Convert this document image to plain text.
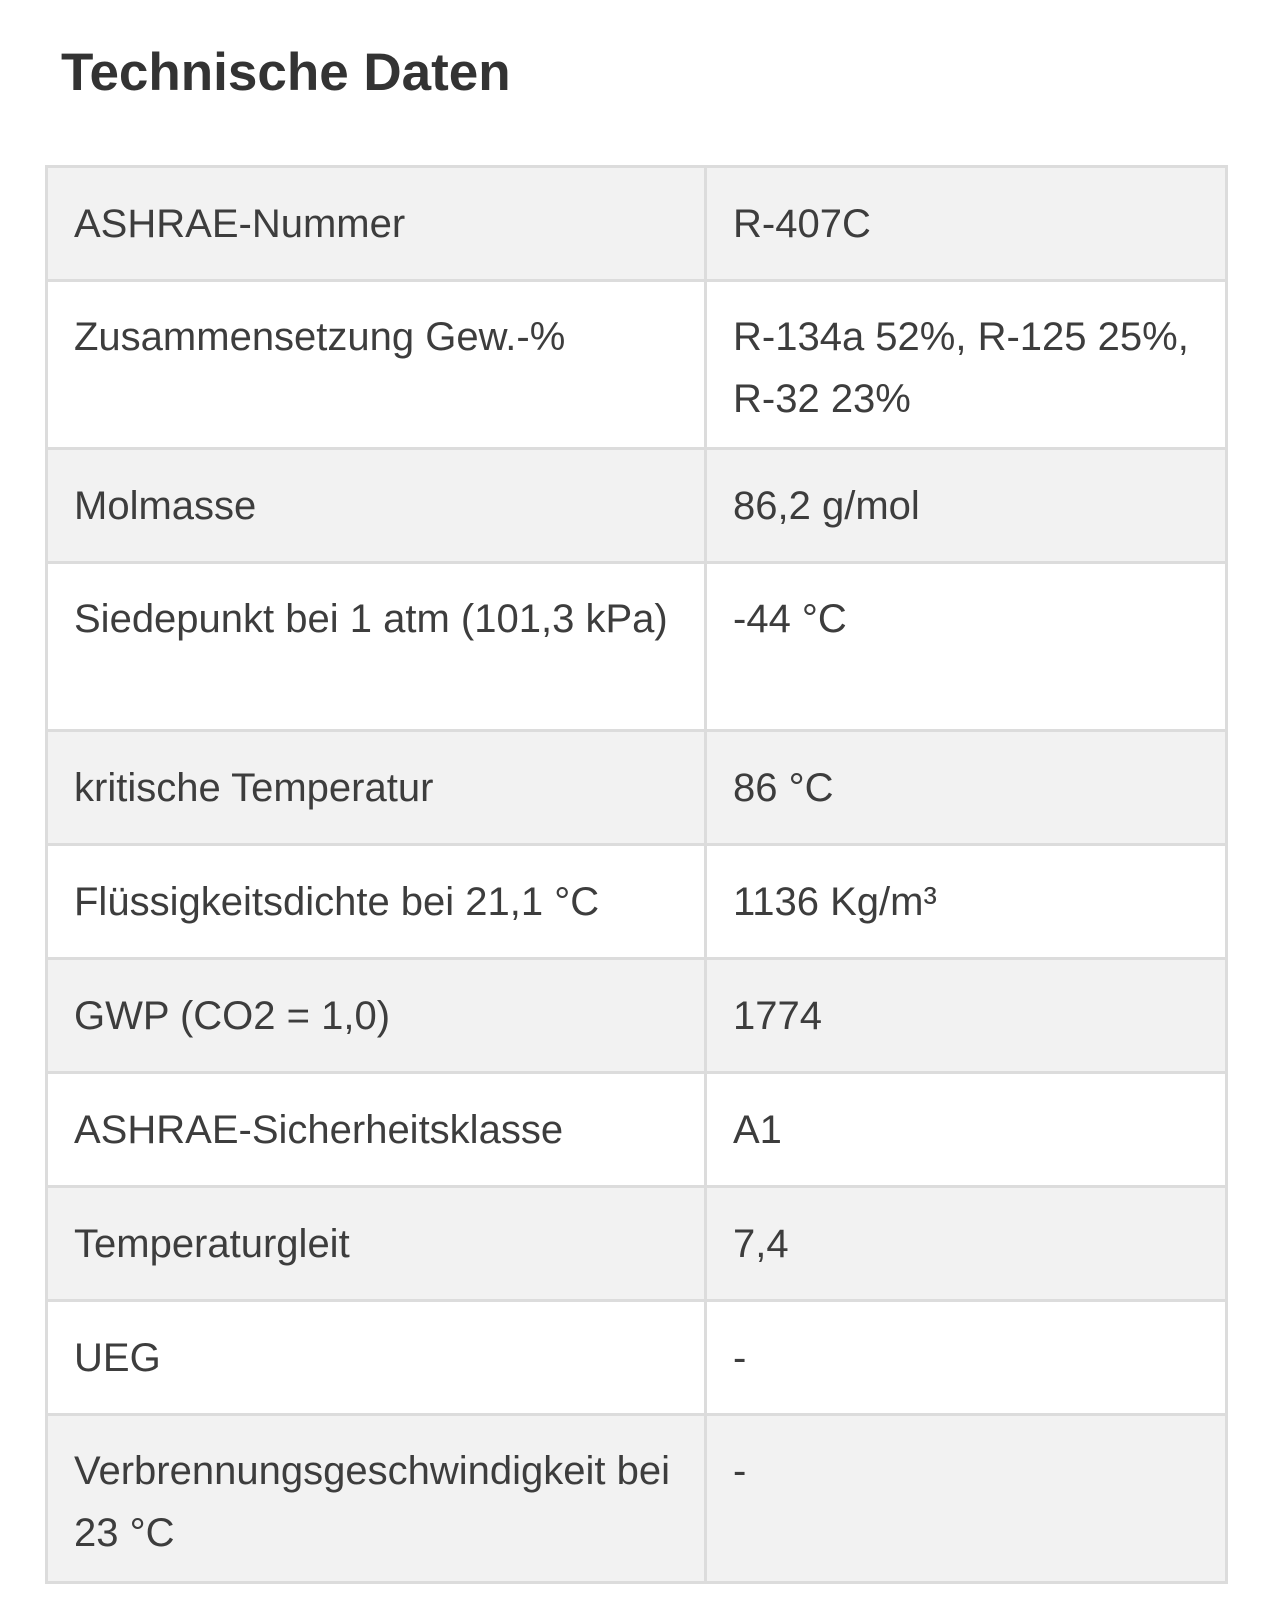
Technische Daten
ASHRAE-Nummer	R-407C
Zusammensetzung Gew.-%	R-134a 52%, R-125 25%, R-32 23%
Molmasse	86,2 g/mol
Siedepunkt bei 1 atm (101,3 kPa)	-44 °C
kritische Temperatur	86 °C
Flüssigkeitsdichte bei 21,1 °C	1136 Kg/m³
GWP (CO2 = 1,0)	1774
ASHRAE-Sicherheitsklasse	A1
Temperaturgleit	7,4
UEG	-
Verbrennungsgeschwindigkeit bei 23 °C	-
